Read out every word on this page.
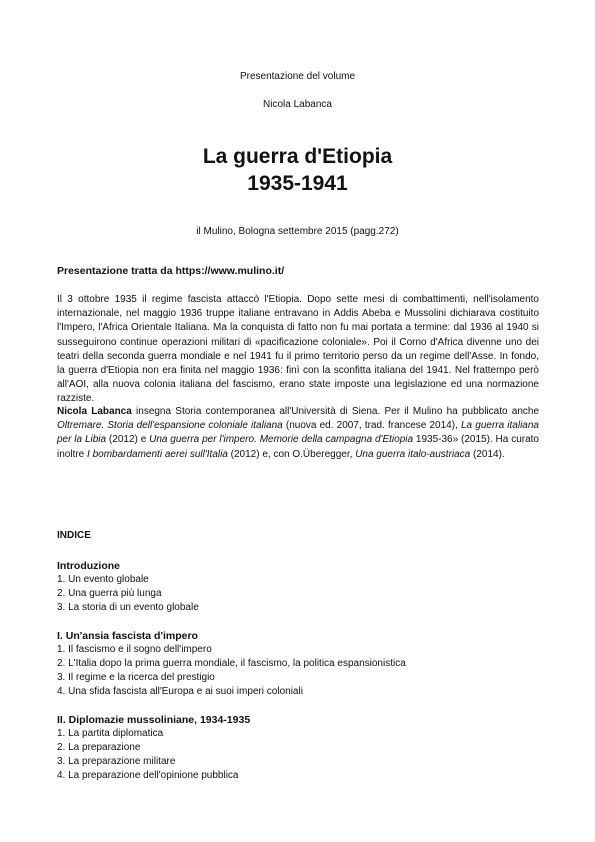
Presentazione del volume
Nicola Labanca
La guerra d'Etiopia
1935-1941
il Mulino, Bologna settembre 2015 (pagg.272)
Presentazione tratta da https://www.mulino.it/
Il 3 ottobre 1935 il regime fascista attaccò l'Etiopia. Dopo sette mesi di combattimenti, nell'isolamento internazionale, nel maggio 1936 truppe italiane entravano in Addis Abeba e Mussolini dichiarava costituito l'Impero, l'Africa Orientale Italiana. Ma la conquista di fatto non fu mai portata a termine: dal 1936 al 1940 si susseguirono continue operazioni militari di «pacificazione coloniale». Poi il Corno d'Africa divenne uno dei teatri della seconda guerra mondiale e nel 1941 fu il primo territorio perso da un regime dell'Asse. In fondo, la guerra d'Etiopia non era finita nel maggio 1936: finì con la sconfitta italiana del 1941. Nel frattempo però all'AOI, alla nuova colonia italiana del fascismo, erano state imposte una legislazione ed una normazione razziste.
Nicola Labanca insegna Storia contemporanea all'Università di Siena. Per il Mulino ha pubblicato anche Oltremare. Storia dell'espansione coloniale italiana (nuova ed. 2007, trad. francese 2014), La guerra italiana per la Libia (2012) e Una guerra per l'impero. Memorie della campagna d'Etiopia 1935-36» (2015). Ha curato inoltre I bombardamenti aerei sull'Italia (2012) e, con O.Überegger, Una guerra italo-austriaca (2014).
INDICE
Introduzione
1. Un evento globale
2. Una guerra più lunga
3. La storia di un evento globale
I. Un'ansia fascista d'impero
1. Il fascismo e il sogno dell'impero
2. L'Italia dopo la prima guerra mondiale, il fascismo, la politica espansionistica
3. Il regime e la ricerca del prestigio
4. Una sfida fascista all'Europa e ai suoi imperi coloniali
II. Diplomazie mussoliniane, 1934-1935
1. La partita diplomatica
2. La preparazione
3. La preparazione militare
4. La preparazione dell'opinione pubblica
